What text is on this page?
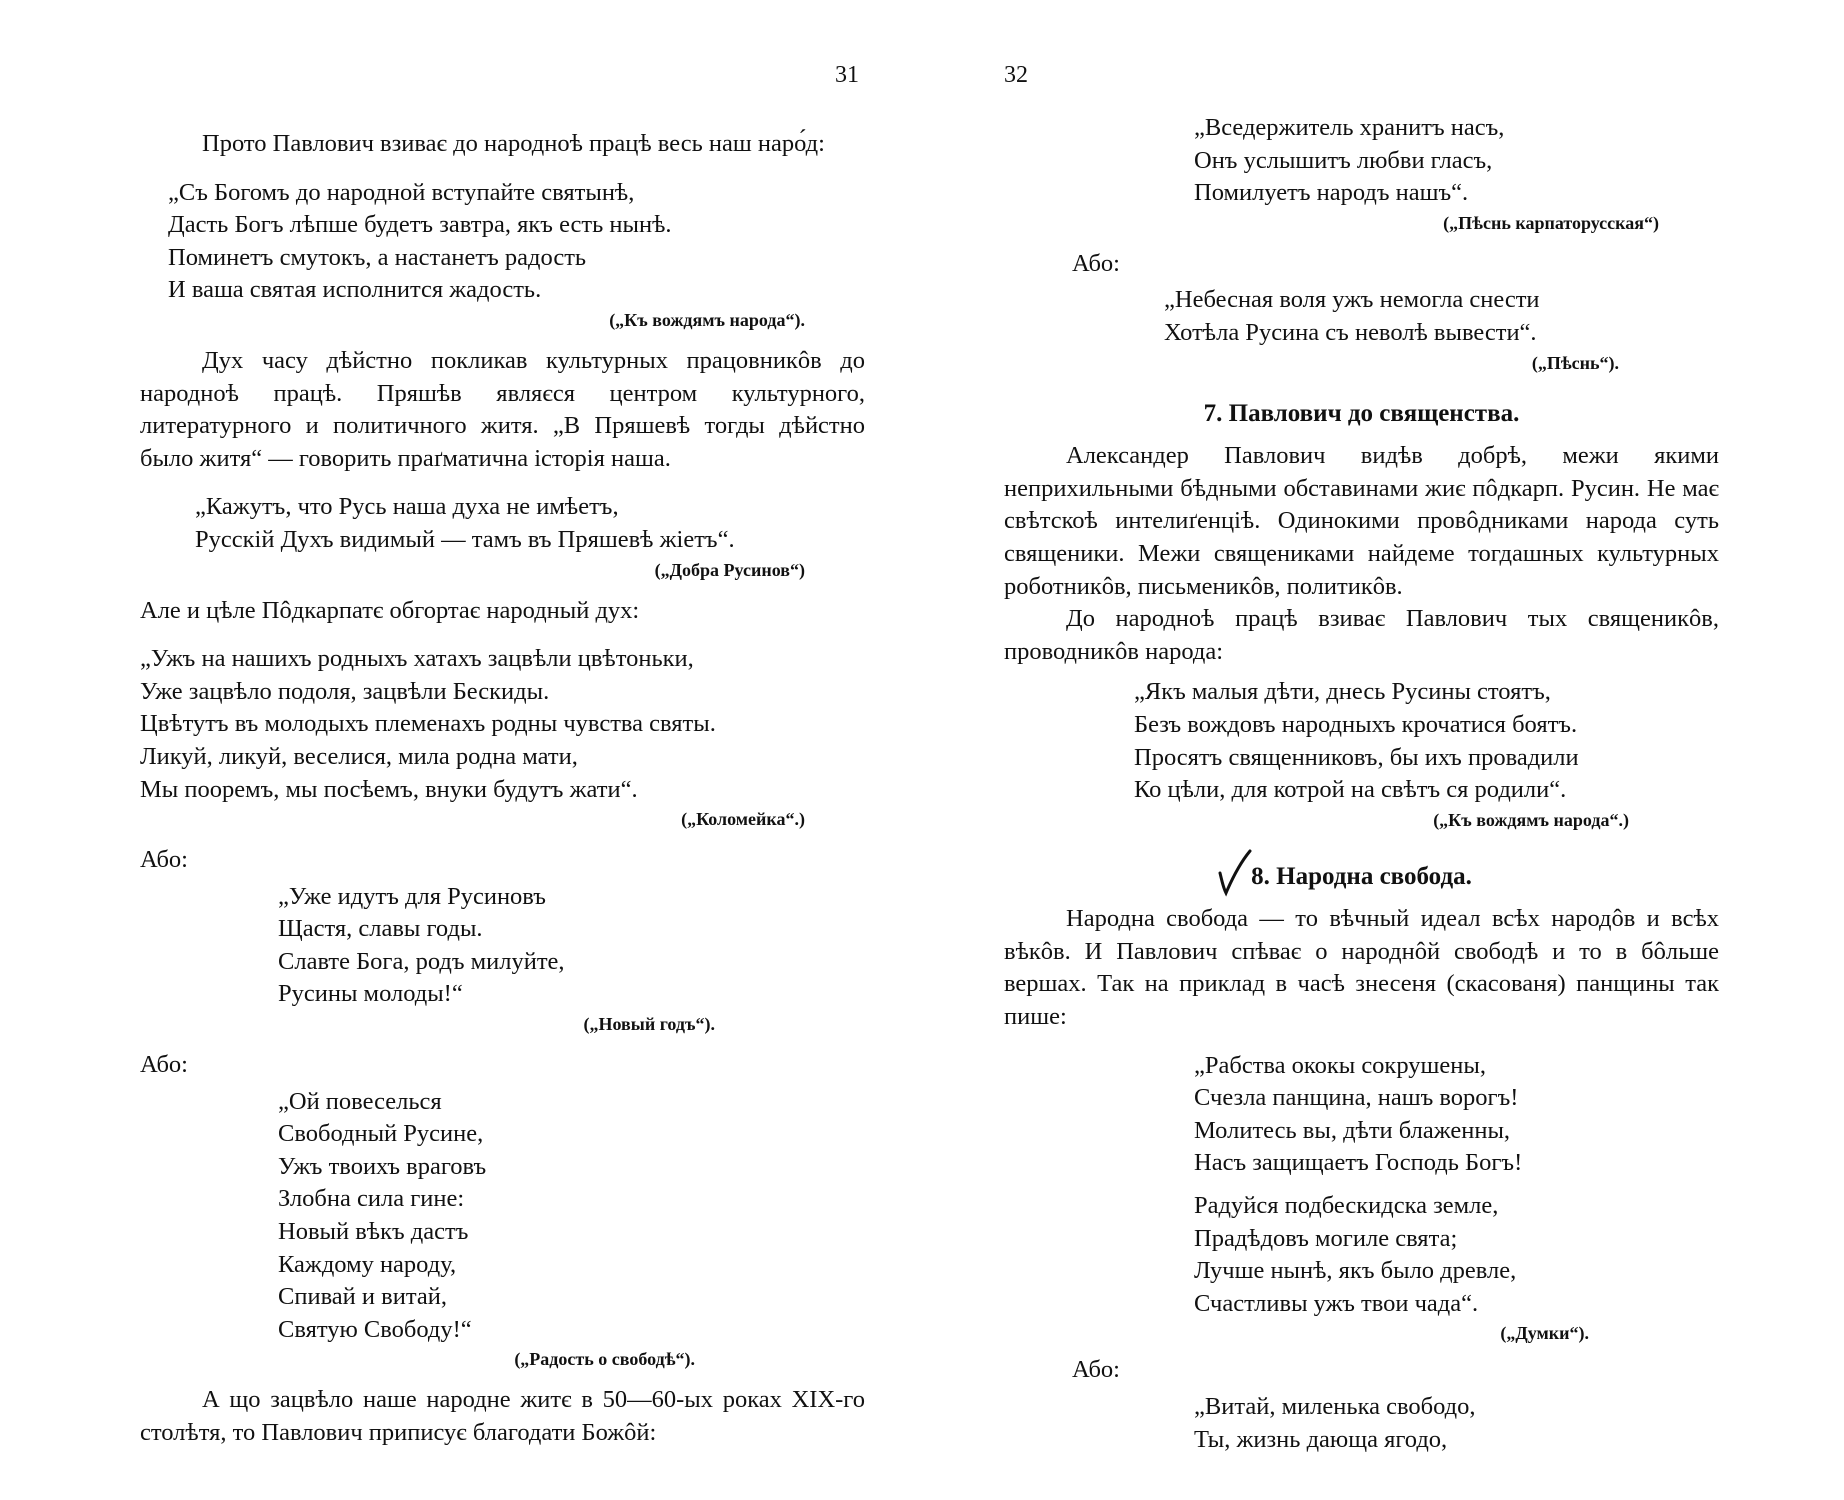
31

Прото Павлович взиває до народноѣ працѣ весь наш наро́д:

„Съ Богомъ до народной вступайте святынѣ,
Дасть Богъ лѣпше будетъ завтра, якъ есть нынѣ.
Поминетъ смутокъ, а настанетъ радость
И ваша святая исполнится жадость.

(„Къ вождямъ народа“).

Дух часу дѣйстно покликав культурных працовникôв до народноѣ працѣ. Пряшѣв являєся центром культурного, литературного и политичного житя. „В Пряшевѣ тогды дѣйстно было житя“ — говорить праґматична історія наша.

„Кажутъ, что Русь наша духа не имѣетъ,
Русскій Духъ видимый — тамъ въ Пряшевѣ жіетъ“.

(„Добра Русинов“)

Але и цѣле Пôдкарпатє обгортає народный дух:

„Ужъ на нашихъ родныхъ хатахъ зацвѣли цвѣтоньки,
Уже зацвѣло подоля, зацвѣли Бескиды.
Цвѣтутъ въ молодыхъ племенахъ родны чувства святы.
Ликуй, ликуй, веселися, мила родна мати,
Мы пооремъ, мы посѣемъ, внуки будутъ жати“.

(„Коломейка“.)

Або:

„Уже идутъ для Русиновъ
Щастя, славы годы.
Славте Бога, родъ милуйте,
Русины молоды!“

(„Новый годъ“).

Або:

„Ой повеселься
Свободный Русине,
Ужъ твоихъ враговъ
Злобна сила гине:
Новый вѣкъ дастъ
Каждому народу,
Спивай и витай,
Святую Свободу!“

(„Радость о свободѣ“).

А що зацвѣло наше народне житє в 50—60-ых роках XIX-го столѣтя, то Павлович приписує благодати Божôй:

32

„Вседержитель хранитъ насъ,
Онъ услышитъ любви гласъ,
Помилуетъ народъ нашъ“.

(„Пѣснь карпаторусская“)

Або:

„Небесная воля ужъ немогла снести
Хотѣла Русина съ неволѣ вывести“.

(„Пѣснь“).

7. Павлович до священства.

Александер Павлович видѣв добрѣ, межи якими неприхильными бѣдными обставинами жиє пôдкарп. Русин. Не має свѣтскоѣ интелиґенціѣ. Одинокими провôдниками народа суть священики. Межи священиками найдеме тогдашных культурных роботникôв, письменикôв, политикôв.

До народноѣ працѣ взиває Павлович тых священикôв, проводникôв народа:

„Якъ малыя дѣти, днесь Русины стоятъ,
Безъ вождовъ народныхъ крочатися боятъ.
Просятъ священниковъ, бы ихъ провадили
Ко цѣли, для котрой на свѣтъ ся родили“.

(„Къ вождямъ народа“.)

8. Народна свобода.

Народна свобода — то вѣчный идеал всѣх народôв и всѣх вѣкôв. И Павлович спѣває о народнôй свободѣ и то в бôльше вершах. Так на приклад в часѣ знесеня (скасованя) панщины так пише:

„Рабства ококы сокрушены,
Счезла панщина, нашъ ворогъ!
Молитесь вы, дѣти блаженны,
Насъ защищаетъ Господь Богъ!

Радуйся подбескидска земле,
Прадѣдовъ могиле свята;
Лучше нынѣ, якъ было древле,
Счастливы ужъ твои чада“.

(„Думки“).

Або:

„Витай, миленька свободо,
Ты, жизнь дающа ягодо,
